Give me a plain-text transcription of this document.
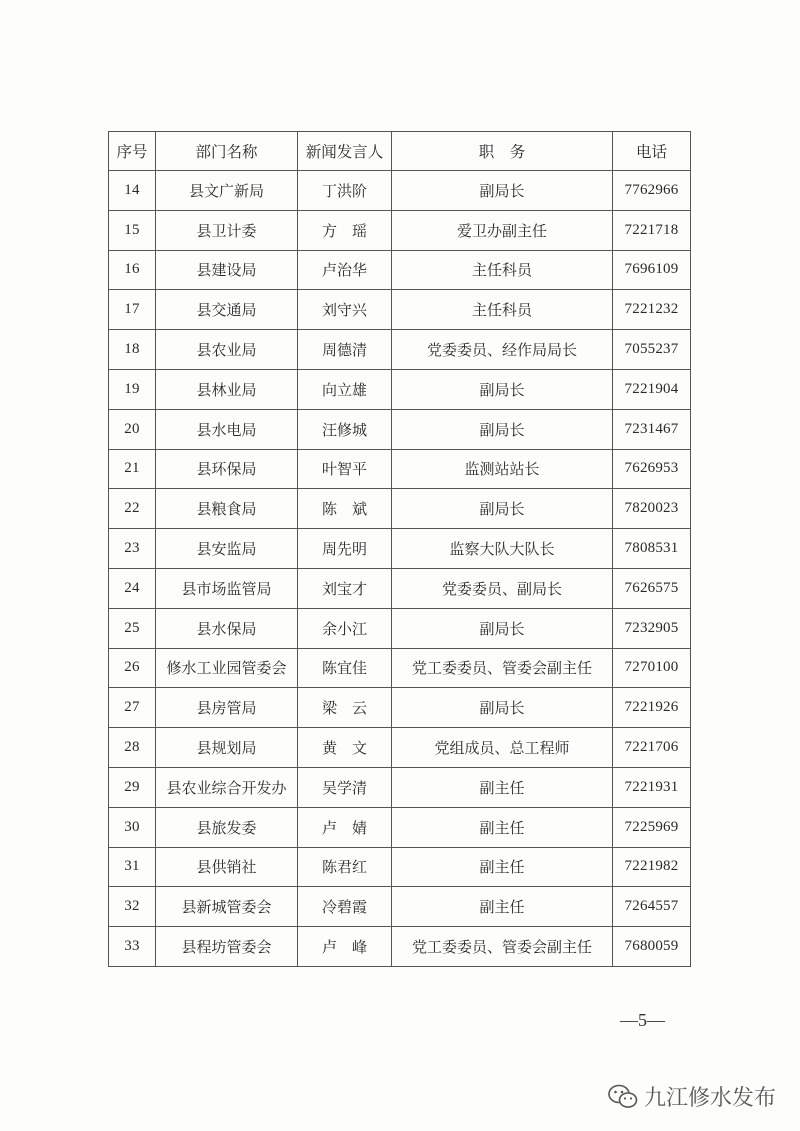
序号	部门名称	新闻发言人	职　务	电话
14	县文广新局	丁洪阶	副局长	7762966
15	县卫计委	方　瑶	爱卫办副主任	7221718
16	县建设局	卢治华	主任科员	7696109
17	县交通局	刘守兴	主任科员	7221232
18	县农业局	周德清	党委委员、经作局局长	7055237
19	县林业局	向立雄	副局长	7221904
20	县水电局	汪修城	副局长	7231467
21	县环保局	叶智平	监测站站长	7626953
22	县粮食局	陈　斌	副局长	7820023
23	县安监局	周先明	监察大队大队长	7808531
24	县市场监管局	刘宝才	党委委员、副局长	7626575
25	县水保局	余小江	副局长	7232905
26	修水工业园管委会	陈宜佳	党工委委员、管委会副主任	7270100
27	县房管局	梁　云	副局长	7221926
28	县规划局	黄　文	党组成员、总工程师	7221706
29	县农业综合开发办	吴学清	副主任	7221931
30	县旅发委	卢　婧	副主任	7225969
31	县供销社	陈君红	副主任	7221982
32	县新城管委会	冷碧霞	副主任	7264557
33	县程坊管委会	卢　峰	党工委委员、管委会副主任	7680059
—5—
九江修水发布
